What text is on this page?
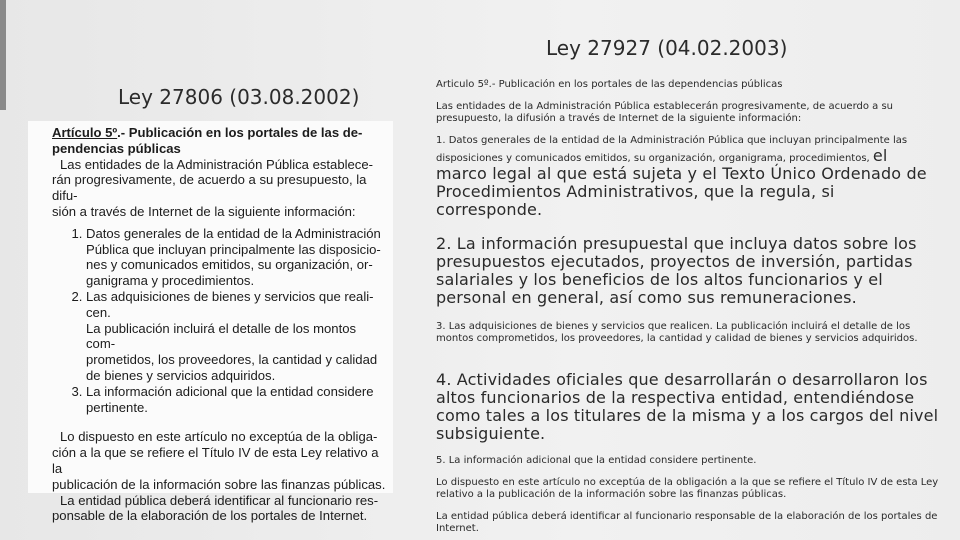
Ley 27927 (04.02.2003)
Ley 27806 (03.08.2002)

Artículo 5º.- Publicación en los portales de las de-

pendencias públicas

Las entidades de la Administración Pública establece-

rán progresivamente, de acuerdo a su presupuesto, la difu-

sión a través de Internet de la siguiente información:

1. Datos generales de la entidad de la Administración
Pública que incluyan principalmente las disposicio-
nes y comunicados emitidos, su organización, or-
ganigrama y procedimientos.
2. Las adquisiciones de bienes y servicios que reali-
cen.
La publicación incluirá el detalle de los montos com-
prometidos, los proveedores, la cantidad y calidad
de bienes y servicios adquiridos.
3. La información adicional que la entidad considere
pertinente.

Lo dispuesto en este artículo no exceptúa de la obliga-

ción a la que se refiere el Título IV de esta Ley relativo a la

publicación de la información sobre las finanzas públicas.

La entidad pública deberá identificar al funcionario res-

ponsable de la elaboración de los portales de Internet.

Articulo 5º.- Publicación en los portales de las dependencias públicas

Las entidades de la Administración Pública establecerán progresivamente, de acuerdo a su presupuesto, la difusión a través de Internet de la siguiente información:

1. Datos generales de la entidad de la Administración Pública que incluyan principalmente las disposiciones y comunicados emitidos, su organización, organigrama, procedimientos, el marco legal al que está sujeta y el Texto Único Ordenado de Procedimientos Administrativos, que la regula, si corresponde.

2. La información presupuestal que incluya datos sobre los presupuestos ejecutados, proyectos de inversión, partidas salariales y los beneficios de los altos funcionarios y el personal en general, así como sus remuneraciones.

3. Las adquisiciones de bienes y servicios que realicen. La publicación incluirá el detalle de los montos comprometidos, los proveedores, la cantidad y calidad de bienes y servicios adquiridos.

4. Actividades oficiales que desarrollarán o desarrollaron los altos funcionarios de la respectiva entidad, entendiéndose como tales a los titulares de la misma y a los cargos del nivel subsiguiente.

5. La información adicional que la entidad considere pertinente.

Lo dispuesto en este artículo no exceptúa de la obligación a la que se refiere el Título IV de esta Ley relativo a la publicación de la información sobre las finanzas públicas.

La entidad pública deberá identificar al funcionario responsable de la elaboración de los portales de Internet.
